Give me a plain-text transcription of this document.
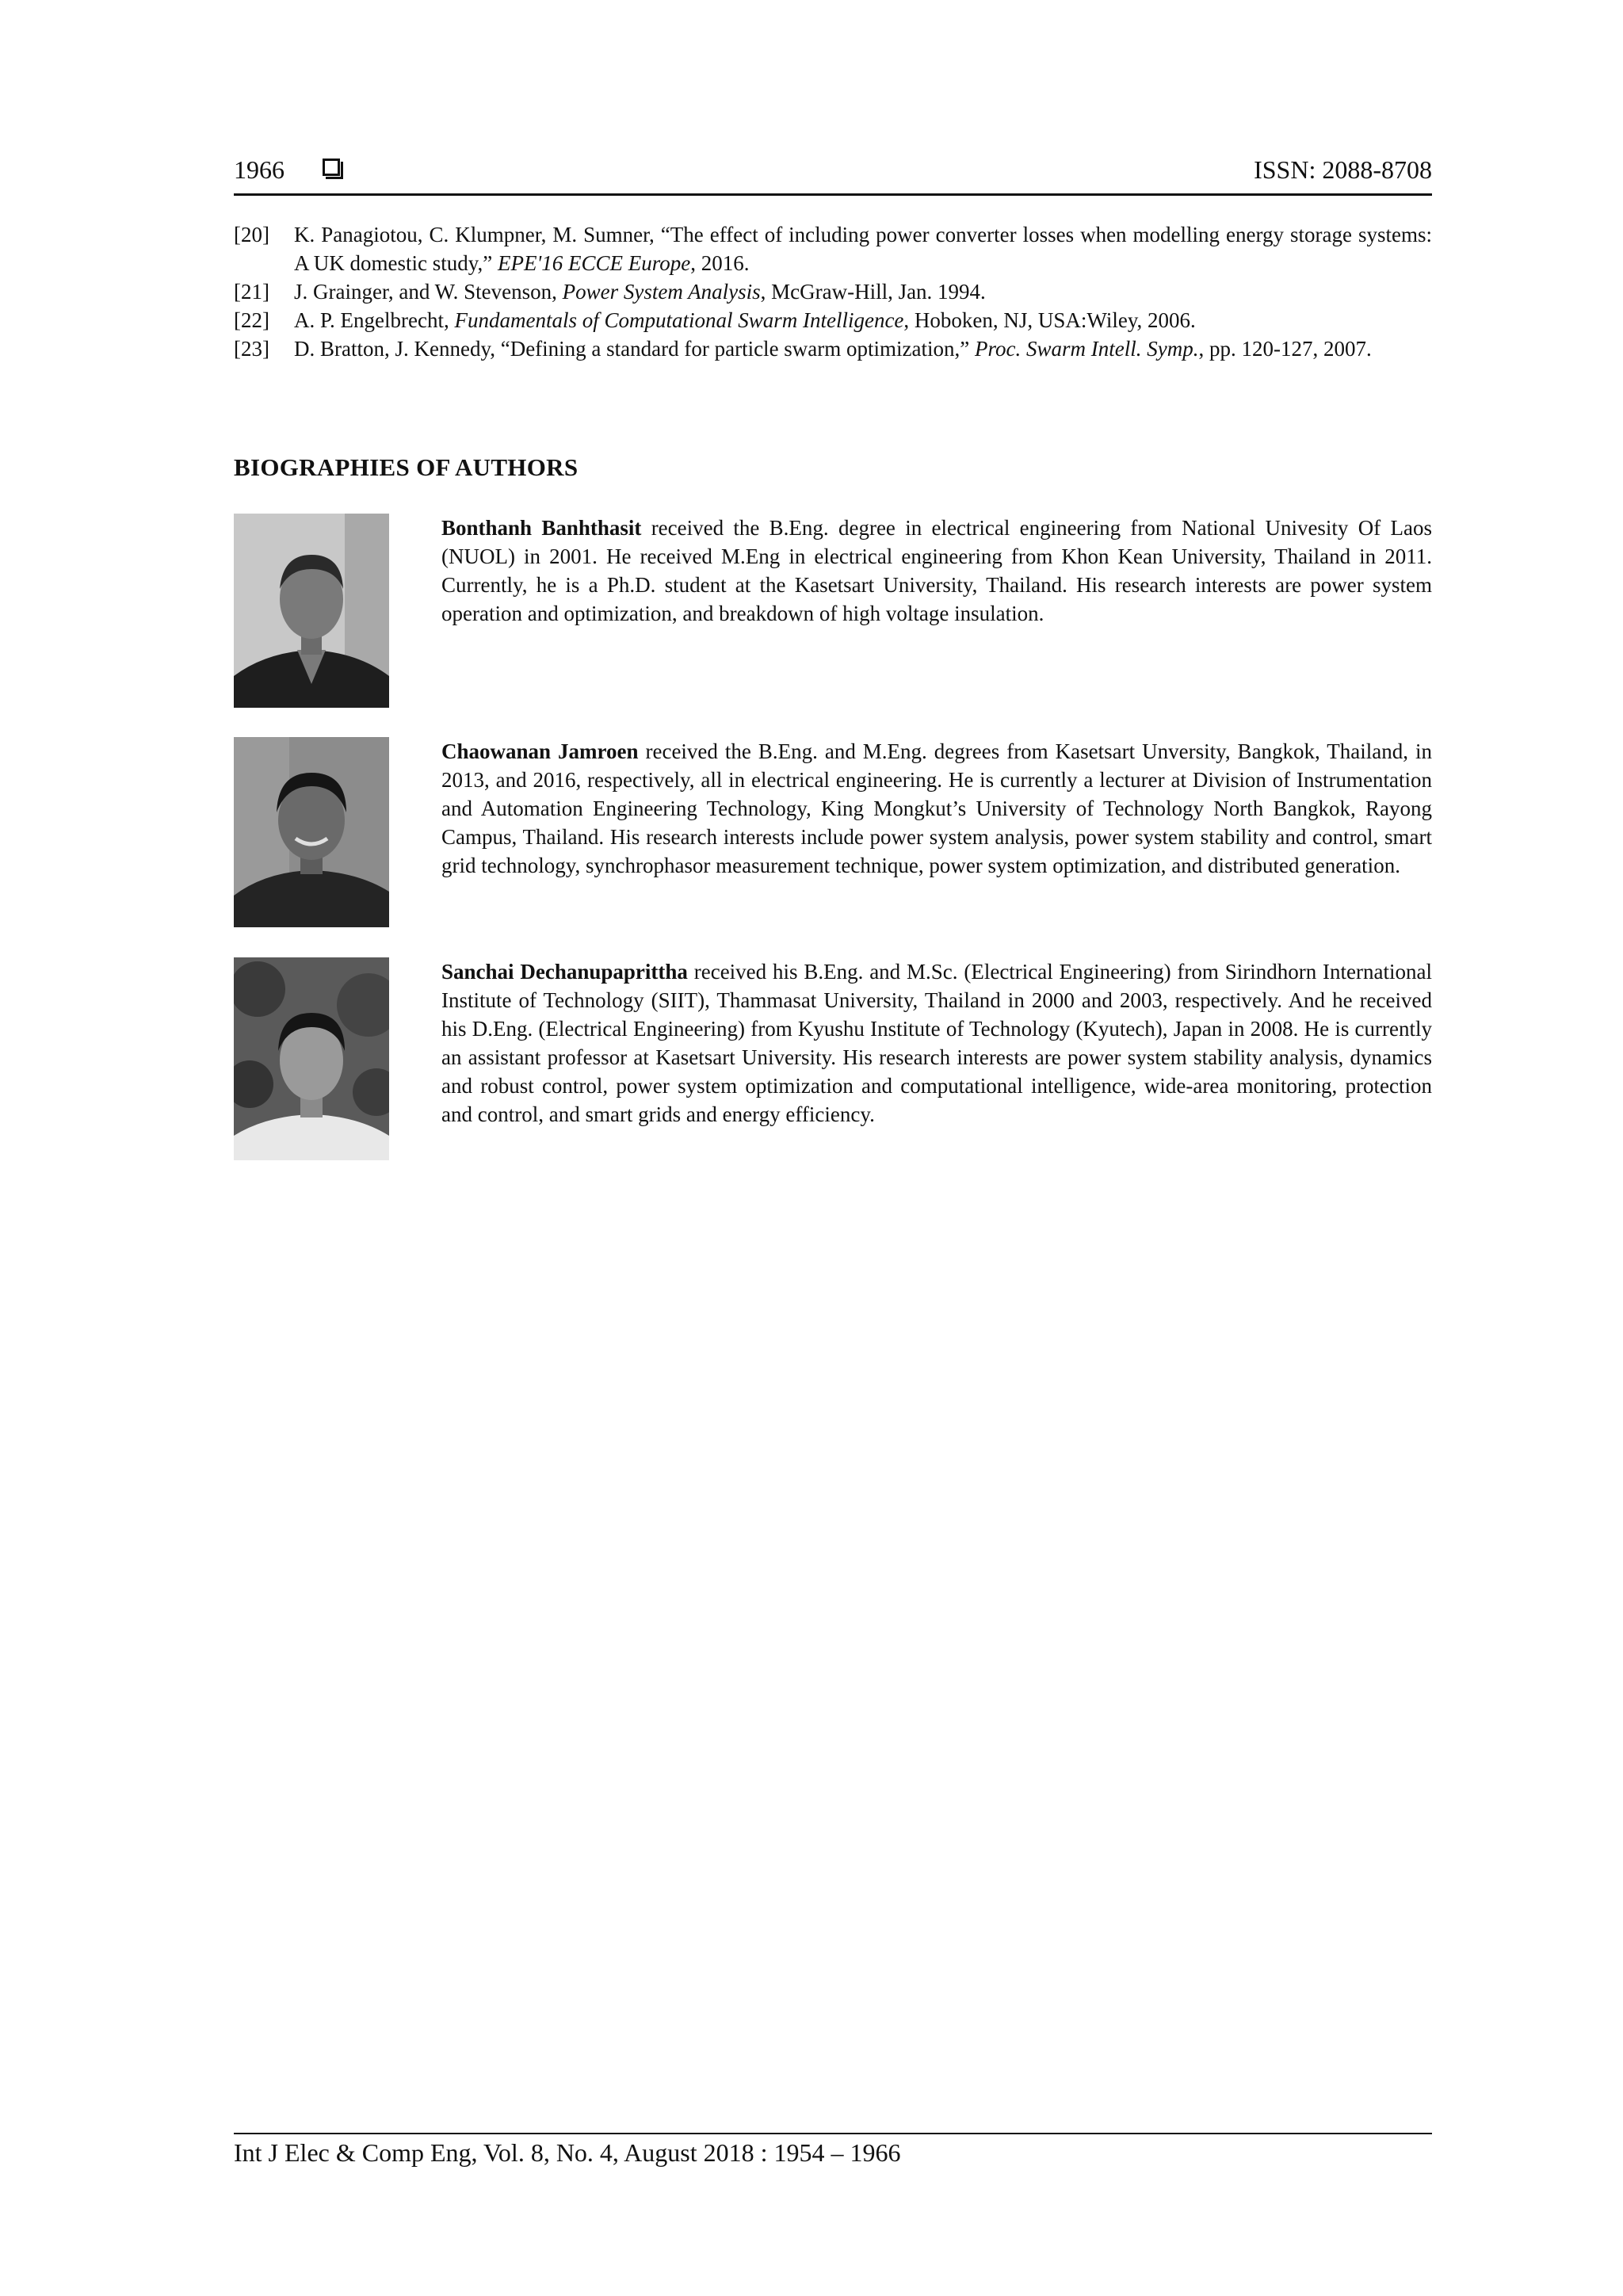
1966	ISSN: 2088-8708
[20] K. Panagiotou, C. Klumpner, M. Sumner, “The effect of including power converter losses when modelling energy storage systems: A UK domestic study,” EPE'16 ECCE Europe, 2016.
[21] J. Grainger, and W. Stevenson, Power System Analysis, McGraw-Hill, Jan. 1994.
[22] A. P. Engelbrecht, Fundamentals of Computational Swarm Intelligence, Hoboken, NJ, USA:Wiley, 2006.
[23] D. Bratton, J. Kennedy, “Defining a standard for particle swarm optimization,” Proc. Swarm Intell. Symp., pp. 120-127, 2007.
BIOGRAPHIES OF AUTHORS
Bonthanh Banhthasit received the B.Eng. degree in electrical engineering from National Univesity Of Laos (NUOL) in 2001. He received M.Eng in electrical engineering from Khon Kean University, Thailand in 2011. Currently, he is a Ph.D. student at the Kasetsart University, Thailand. His research interests are power system operation and optimization, and breakdown of high voltage insulation.
Chaowanan Jamroen received the B.Eng. and M.Eng. degrees from Kasetsart Unversity, Bangkok, Thailand, in 2013, and 2016, respectively, all in electrical engineering. He is currently a lecturer at Division of Instrumentation and Automation Engineering Technology, King Mongkut’s University of Technology North Bangkok, Rayong Campus, Thailand. His research interests include power system analysis, power system stability and control, smart grid technology, synchrophasor measurement technique, power system optimization, and distributed generation.
Sanchai Dechanupaprittha received his B.Eng. and M.Sc. (Electrical Engineering) from Sirindhorn International Institute of Technology (SIIT), Thammasat University, Thailand in 2000 and 2003, respectively. And he received his D.Eng. (Electrical Engineering) from Kyushu Institute of Technology (Kyutech), Japan in 2008. He is currently an assistant professor at Kasetsart University. His research interests are power system stability analysis, dynamics and robust control, power system optimization and computational intelligence, wide-area monitoring, protection and control, and smart grids and energy efficiency.
Int J Elec & Comp Eng, Vol. 8, No. 4, August 2018 : 1954 – 1966
